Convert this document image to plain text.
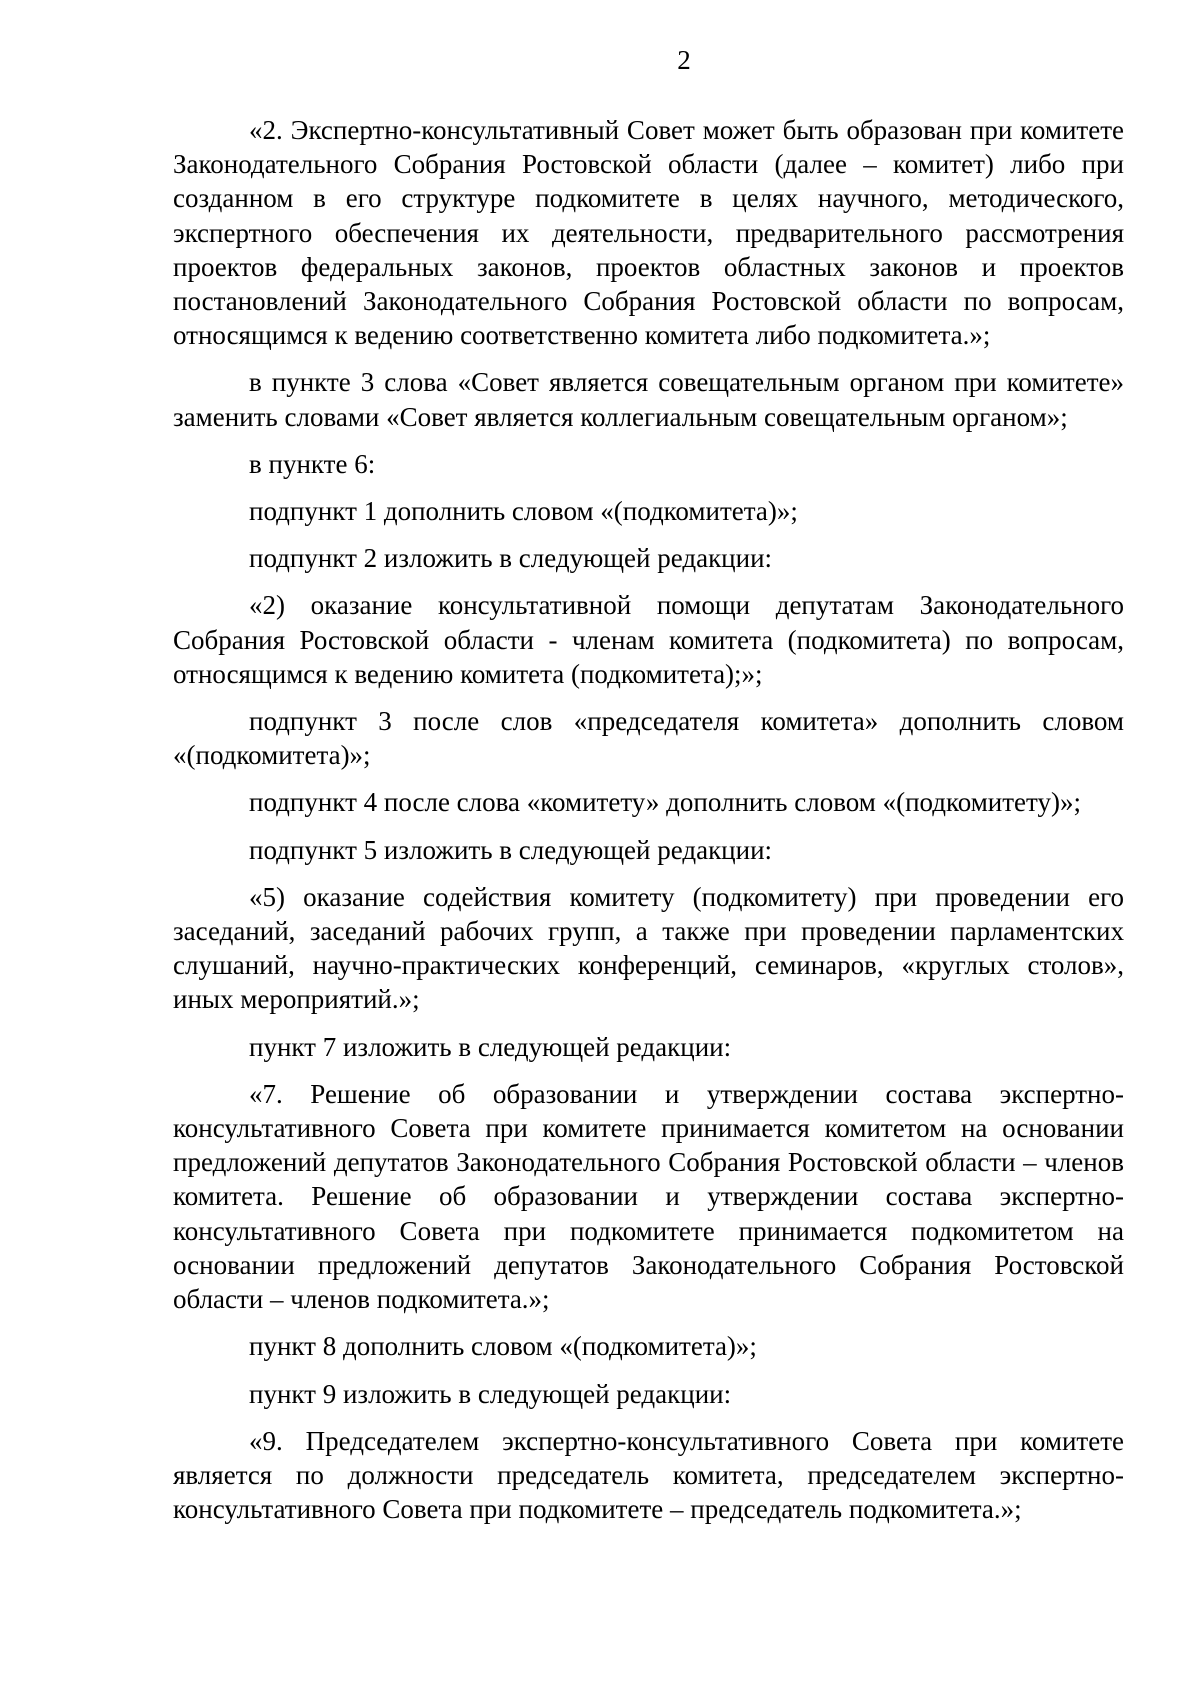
2

«2. Экспертно-консультативный Совет может быть образован при комитете Законодательного Собрания Ростовской области (далее – комитет) либо при созданном в его структуре подкомитете в целях научного, методического, экспертного обеспечения их деятельности, предварительного рассмотрения проектов федеральных законов, проектов областных законов и проектов постановлений Законодательного Собрания Ростовской области по вопросам, относящимся к ведению соответственно комитета либо подкомитета.»;

в пункте 3 слова «Совет является совещательным органом при комитете» заменить словами «Совет является коллегиальным совещательным органом»;

в пункте 6:

подпункт 1 дополнить словом «(подкомитета)»;

подпункт 2 изложить в следующей редакции:

«2) оказание консультативной помощи депутатам Законодательного Собрания Ростовской области - членам комитета (подкомитета) по вопросам, относящимся к ведению комитета (подкомитета);»;

подпункт 3 после слов «председателя комитета» дополнить словом «(подкомитета)»;

подпункт 4 после слова «комитету» дополнить словом «(подкомитету)»;

подпункт 5 изложить в следующей редакции:

«5) оказание содействия комитету (подкомитету) при проведении его заседаний, заседаний рабочих групп, а также при проведении парламентских слушаний, научно-практических конференций, семинаров, «круглых столов», иных мероприятий.»;

пункт 7 изложить в следующей редакции:

«7. Решение об образовании и утверждении состава экспертно-консультативного Совета при комитете принимается комитетом на основании предложений депутатов Законодательного Собрания Ростовской области – членов комитета. Решение об образовании и утверждении состава экспертно-консультативного Совета при подкомитете принимается подкомитетом на основании предложений депутатов Законодательного Собрания Ростовской области – членов подкомитета.»;

пункт 8 дополнить словом «(подкомитета)»;

пункт 9 изложить в следующей редакции:

«9. Председателем экспертно-консультативного Совета при комитете является по должности председатель комитета, председателем экспертно-консультативного Совета при подкомитете – председатель подкомитета.»;
